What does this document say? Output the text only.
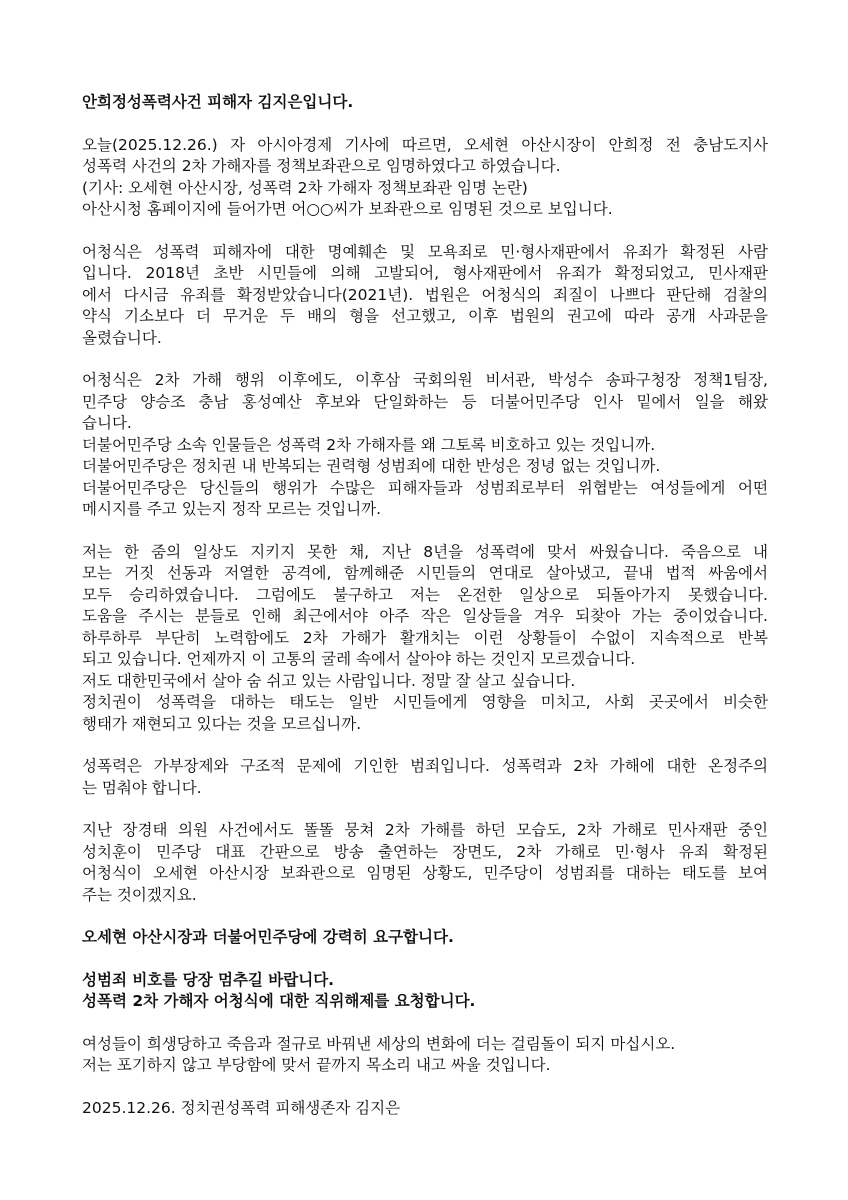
안희정성폭력사건 피해자 김지은입니다.

오늘(2025.12.26.) 자 아시아경제 기사에 따르면, 오세현 아산시장이 안희정 전 충남도지사
성폭력 사건의 2차 가해자를 정책보좌관으로 임명하였다고 하였습니다.
(기사: 오세현 아산시장, 성폭력 2차 가해자 정책보좌관 임명 논란)
아산시청 홈페이지에 들어가면 어○○씨가 보좌관으로 임명된 것으로 보입니다.

어청식은 성폭력 피해자에 대한 명예훼손 및 모욕죄로 민·형사재판에서 유죄가 확정된 사람
입니다. 2018년 초반 시민들에 의해 고발되어, 형사재판에서 유죄가 확정되었고, 민사재판
에서 다시금 유죄를 확정받았습니다(2021년). 법원은 어청식의 죄질이 나쁘다 판단해 검찰의
약식 기소보다 더 무거운 두 배의 형을 선고했고, 이후 법원의 권고에 따라 공개 사과문을
올렸습니다.

어청식은 2차 가해 행위 이후에도, 이후삼 국회의원 비서관, 박성수 송파구청장 정책1팀장,
민주당 양승조 충남 홍성예산 후보와 단일화하는 등 더불어민주당 인사 밑에서 일을 해왔
습니다.
더불어민주당 소속 인물들은 성폭력 2차 가해자를 왜 그토록 비호하고 있는 것입니까.
더불어민주당은 정치권 내 반복되는 권력형 성범죄에 대한 반성은 정녕 없는 것입니까.
더불어민주당은 당신들의 행위가 수많은 피해자들과 성범죄로부터 위협받는 여성들에게 어떤
메시지를 주고 있는지 정작 모르는 것입니까.

저는 한 줌의 일상도 지키지 못한 채, 지난 8년을 성폭력에 맞서 싸웠습니다. 죽음으로 내
모는 거짓 선동과 저열한 공격에, 함께해준 시민들의 연대로 살아냈고, 끝내 법적 싸움에서
모두 승리하였습니다. 그럼에도 불구하고 저는 온전한 일상으로 되돌아가지 못했습니다.
도움을 주시는 분들로 인해 최근에서야 아주 작은 일상들을 겨우 되찾아 가는 중이었습니다.
하루하루 부단히 노력함에도 2차 가해가 활개치는 이런 상황들이 수없이 지속적으로 반복
되고 있습니다. 언제까지 이 고통의 굴레 속에서 살아야 하는 것인지 모르겠습니다.
저도 대한민국에서 살아 숨 쉬고 있는 사람입니다. 정말 잘 살고 싶습니다.
정치권이 성폭력을 대하는 태도는 일반 시민들에게 영향을 미치고, 사회 곳곳에서 비슷한
행태가 재현되고 있다는 것을 모르십니까.

성폭력은 가부장제와 구조적 문제에 기인한 범죄입니다. 성폭력과 2차 가해에 대한 온정주의
는 멈춰야 합니다.

지난 장경태 의원 사건에서도 똘똘 뭉쳐 2차 가해를 하던 모습도, 2차 가해로 민사재판 중인
성치훈이 민주당 대표 간판으로 방송 출연하는 장면도, 2차 가해로 민·형사 유죄 확정된
어청식이 오세현 아산시장 보좌관으로 임명된 상황도, 민주당이 성범죄를 대하는 태도를 보여
주는 것이겠지요.

오세현 아산시장과 더불어민주당에 강력히 요구합니다.

성범죄 비호를 당장 멈추길 바랍니다.
성폭력 2차 가해자 어청식에 대한 직위해제를 요청합니다.

여성들이 희생당하고 죽음과 절규로 바꿔낸 세상의 변화에 더는 걸림돌이 되지 마십시오.
저는 포기하지 않고 부당함에 맞서 끝까지 목소리 내고 싸울 것입니다.

2025.12.26. 정치권성폭력 피해생존자 김지은
